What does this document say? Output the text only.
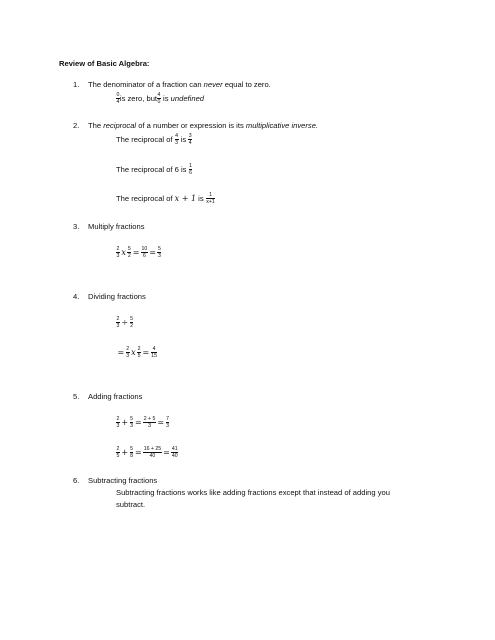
Review of Basic Algebra:
1. The denominator of a fraction can never equal to zero.
$\frac{0}{4}$ is zero, but $\frac{4}{0}$ is undefined
2. The reciprocal of a number or expression is its multiplicative inverse.
The reciprocal of $\frac{4}{3}$ is $\frac{3}{4}$
The reciprocal of 6 is $\frac{1}{6}$
The reciprocal of x + 1 is $\frac{1}{x+1}$
3. Multiply fractions
$\frac{2}{3}$ x $\frac{5}{2} = \frac{10}{6} = \frac{5}{3}$
4. Dividing fractions
$\frac{2}{3} \div \frac{5}{2}$
= $\frac{2}{3}$ x $\frac{2}{5} = \frac{4}{15}$
5. Adding fractions
$\frac{2}{3} + \frac{5}{3} = \frac{2 + 5}{3} = \frac{7}{3}$
$\frac{2}{5} + \frac{5}{8} = \frac{16 + 25}{40} = \frac{41}{40}$
6. Subtracting fractions
Subtracting fractions works like adding fractions except that instead of adding you
subtract.
